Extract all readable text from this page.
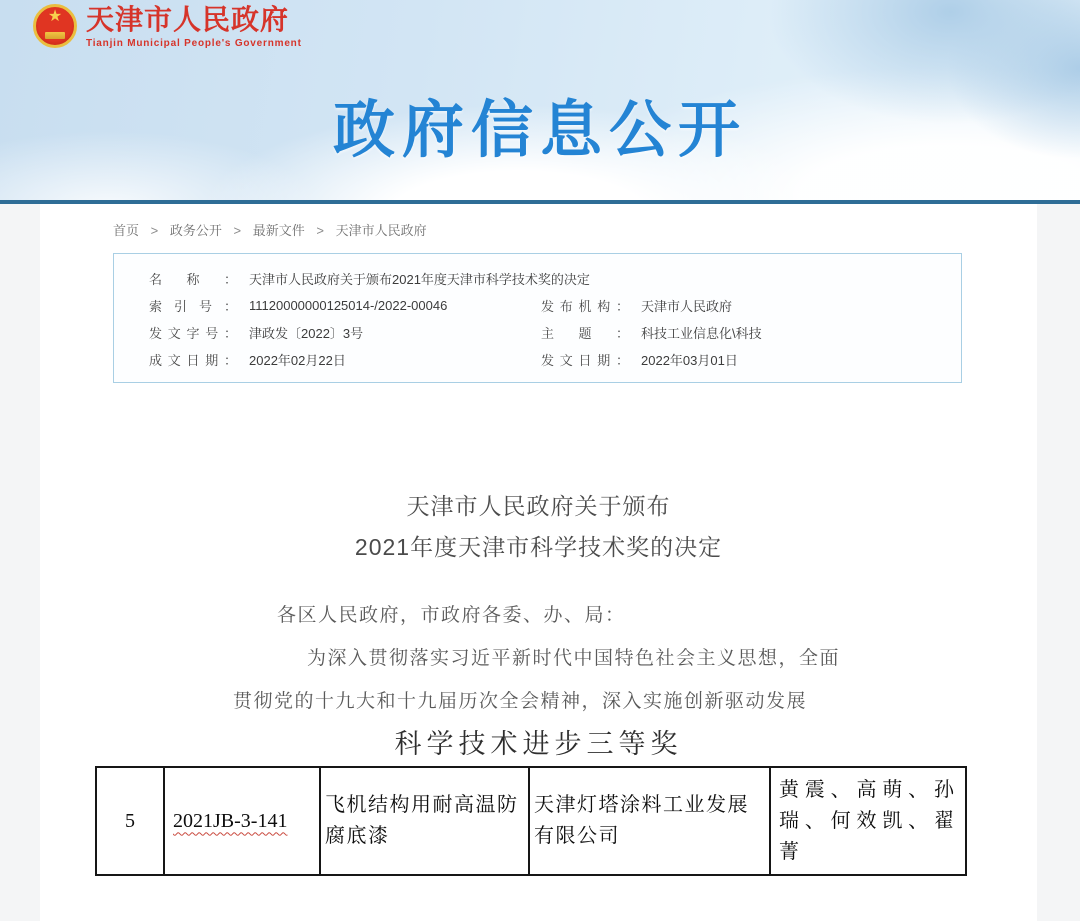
★ 天津市人民政府
Tianjin Municipal People's Government
政府信息公开
首页 > 政务公开 > 最新文件 > 天津市人民政府
名称： 天津市人民政府关于颁布2021年度天津市科学技术奖的决定
索引号： 11120000000125014-/2022-00046	发布机构： 天津市人民政府
发文字号： 津政发〔2022〕3号	主题： 科技工业信息化\科技
成文日期： 2022年02月22日	发文日期： 2022年03月01日
天津市人民政府关于颁布
2021年度天津市科学技术奖的决定
各区人民政府，市政府各委、办、局：
为深入贯彻落实习近平新时代中国特色社会主义思想，全面
贯彻党的十九大和十九届历次全会精神，深入实施创新驱动发展
科学技术进步三等奖
5	2021JB-3-141	飞机结构用耐高温防腐底漆	天津灯塔涂料工业发展有限公司	黄震、高萌、孙瑞、何效凯、翟菁
